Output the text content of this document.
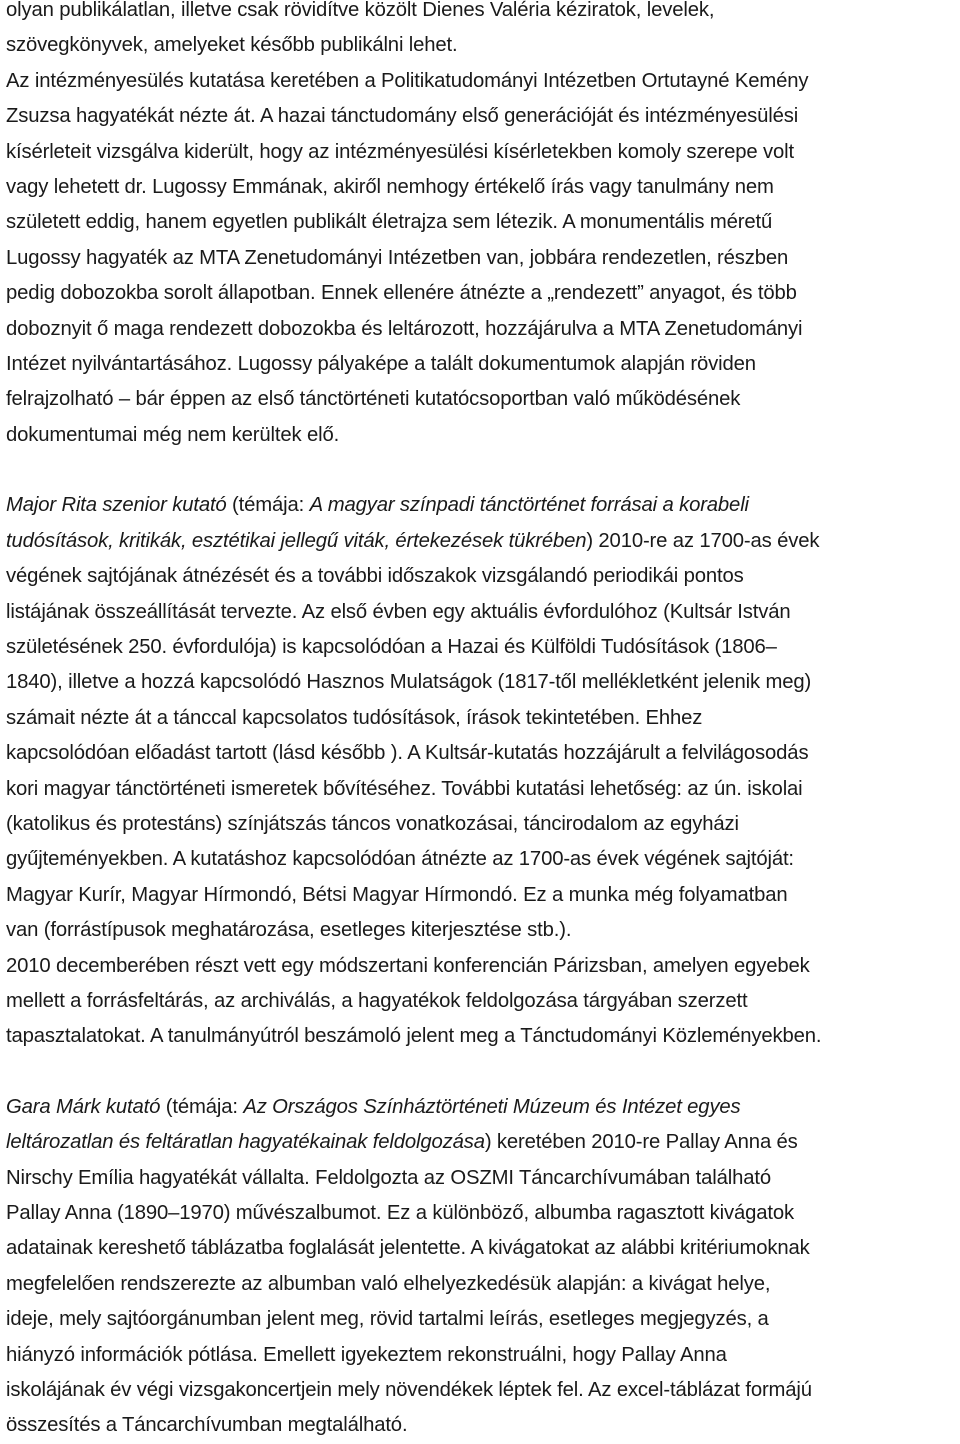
olyan publikálatlan, illetve csak rövidítve közölt Dienes Valéria kéziratok, levelek,
szövegkönyvek, amelyeket később publikálni lehet.
Az intézményesülés kutatása keretében a Politikatudományi Intézetben Ortutayné Kemény
Zsuzsa hagyatékát nézte át. A hazai tánctudomány első generációját és intézményesülési
kísérleteit vizsgálva kiderült, hogy az intézményesülési kísérletekben komoly szerepe volt
vagy lehetett dr. Lugossy Emmának, akiről nemhogy értékelő írás vagy tanulmány nem
született eddig, hanem egyetlen publikált életrajza sem létezik. A monumentális méretű
Lugossy hagyaték az MTA Zenetudományi Intézetben van, jobbára rendezetlen, részben
pedig dobozokba sorolt állapotban. Ennek ellenére átnézte a „rendezett” anyagot, és több
doboznyit ő maga rendezett dobozokba és leltározott, hozzájárulva a MTA Zenetudományi
Intézet nyilvántartásához. Lugossy pályaképe a talált dokumentumok alapján röviden
felrajzolható – bár éppen az első tánctörténeti kutatócsoportban való működésének
dokumentumai még nem kerültek elő.
Major Rita szenior kutató (témája: A magyar színpadi tánctörténet forrásai a korabeli
tudósítások, kritikák, esztétikai jellegű viták, értekezések tükrében) 2010-re az 1700-as évek
végének sajtójának átnézését és a további időszakok vizsgálandó periodikái pontos
listájának összeállítását tervezte. Az első évben egy aktuális évfordulóhoz (Kultsár István
születésének 250. évfordulója) is kapcsolódóan a Hazai és Külföldi Tudósítások (1806–
1840), illetve a hozzá kapcsolódó Hasznos Mulatságok (1817-től mellékletként jelenik meg)
számait nézte át a tánccal kapcsolatos tudósítások, írások tekintetében. Ehhez
kapcsolódóan előadást tartott (lásd később ). A Kultsár-kutatás hozzájárult a felvilágosodás
kori magyar tánctörténeti ismeretek bővítéséhez. További kutatási lehetőség: az ún. iskolai
(katolikus és protestáns) színjátszás táncos vonatkozásai, táncirodalom az egyházi
gyűjteményekben. A kutatáshoz kapcsolódóan átnézte az 1700-as évek végének sajtóját:
Magyar Kurír, Magyar Hírmondó, Bétsi Magyar Hírmondó. Ez a munka még folyamatban
van (forrástípusok meghatározása, esetleges kiterjesztése stb.).
2010 decemberében részt vett egy módszertani konferencián Párizsban, amelyen egyebek
mellett a forrásfeltárás, az archiválás, a hagyatékok feldolgozása tárgyában szerzett
tapasztalatokat. A tanulmányútról beszámoló jelent meg a Tánctudományi Közleményekben.
Gara Márk kutató (témája: Az Országos Színháztörténeti Múzeum és Intézet egyes
leltározatlan és feltáratlan hagyatékainak feldolgozása) keretében 2010-re Pallay Anna és
Nirschy Emília hagyatékát vállalta. Feldolgozta az OSZMI Táncarchívumában található
Pallay Anna (1890–1970) művészalbumot. Ez a különböző, albumba ragasztott kivágatok
adatainak kereshető táblázatba foglalását jelentette. A kivágatokat az alábbi kritériumoknak
megfelelően rendszerezte az albumban való elhelyezkedésük alapján: a kivágat helye,
ideje, mely sajtóorgánumban jelent meg, rövid tartalmi leírás, esetleges megjegyzés, a
hiányzó információk pótlása. Emellett igyekeztem rekonstruálni, hogy Pallay Anna
iskolájának év végi vizsgakoncertjein mely növendékek léptek fel. Az excel-táblázat formájú
összesítés a Táncarchívumban megtalálható.
